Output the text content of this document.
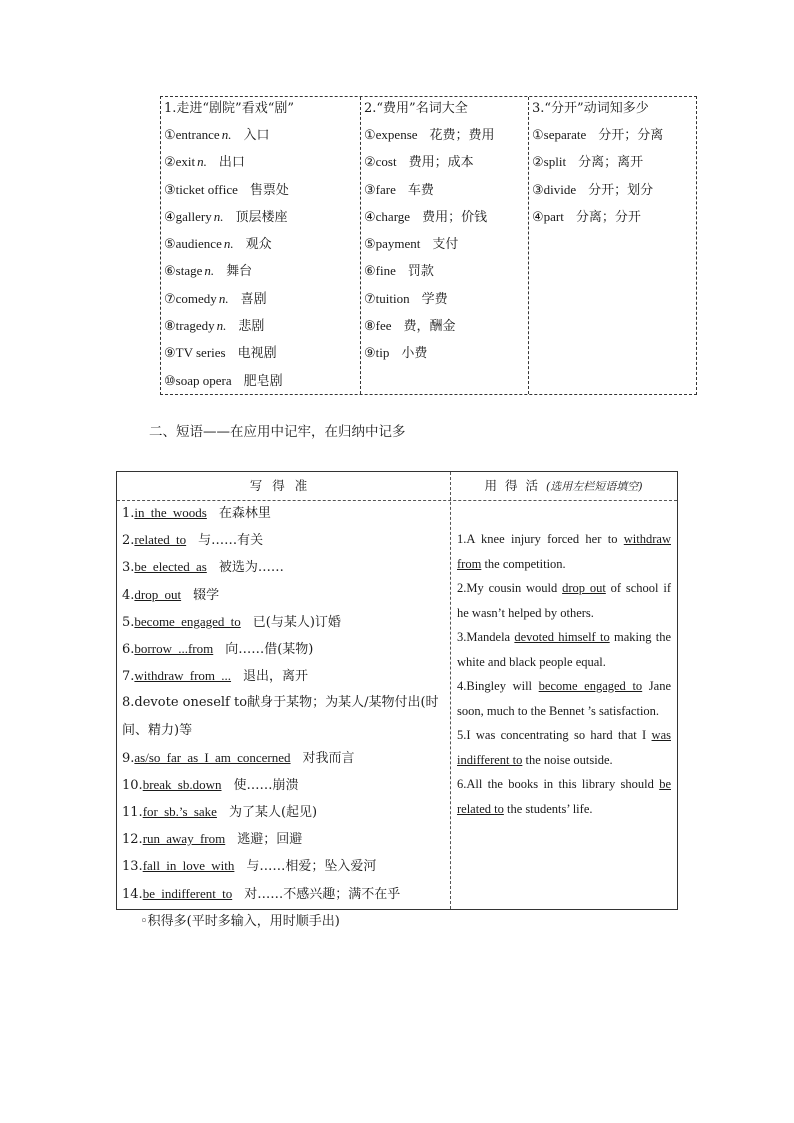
1.走进“剧院”看戏“剧”
①entrance n. 入口
②exit n. 出口
③ticket office 售票处
④gallery n. 顶层楼座
⑤audience n. 观众
⑥stage n. 舞台
⑦comedy n. 喜剧
⑧tragedy n. 悲剧
⑨TV series 电视剧
⑩soap opera 肥皂剧
2.“费用”名词大全
①expense 花费；费用
②cost 费用；成本
③fare 车费
④charge 费用；价钱
⑤payment 支付
⑥fine 罚款
⑦tuition 学费
⑧fee 费，酬金
⑨tip 小费
3.“分开”动词知多少
①separate 分开；分离
②split 分离；离开
③divide 分开；划分
④part 分离；分开
二、短语——在应用中记牢，在归纳中记多
写得准	用得活(选用左栏短语填空)
1.in the woods 在森林里
2.related to 与……有关
3.be elected as 被选为……
4.drop out 辍学
5.become engaged to 已(与某人)订婚
6.borrow ...from 向……借(某物)
7.withdraw from ... 退出，离开
8.devote oneself to献身于某物；为某人/某物付出(时间、精力)等
9.as/so far as I am concerned 对我而言
10.break sb.down 使……崩溃
11.for sb.’s sake 为了某人(起见)
12.run away from 逃避；回避
13.fall in love with 与……相爱；坠入爱河
14.be indifferent to 对……不感兴趣；满不在乎
1.A knee injury forced her to withdraw from the competition.
2.My cousin would drop out of school if he wasn’t helped by others.
3.Mandela devoted himself to making the white and black people equal.
4.Bingley will become engaged to Jane soon, much to the Bennet ’s satisfaction.
5.I was concentrating so hard that I was indifferent to the noise outside.
6.All the books in this library should be related to the students’ life.
◦积得多(平时多输入，用时顺手出)
